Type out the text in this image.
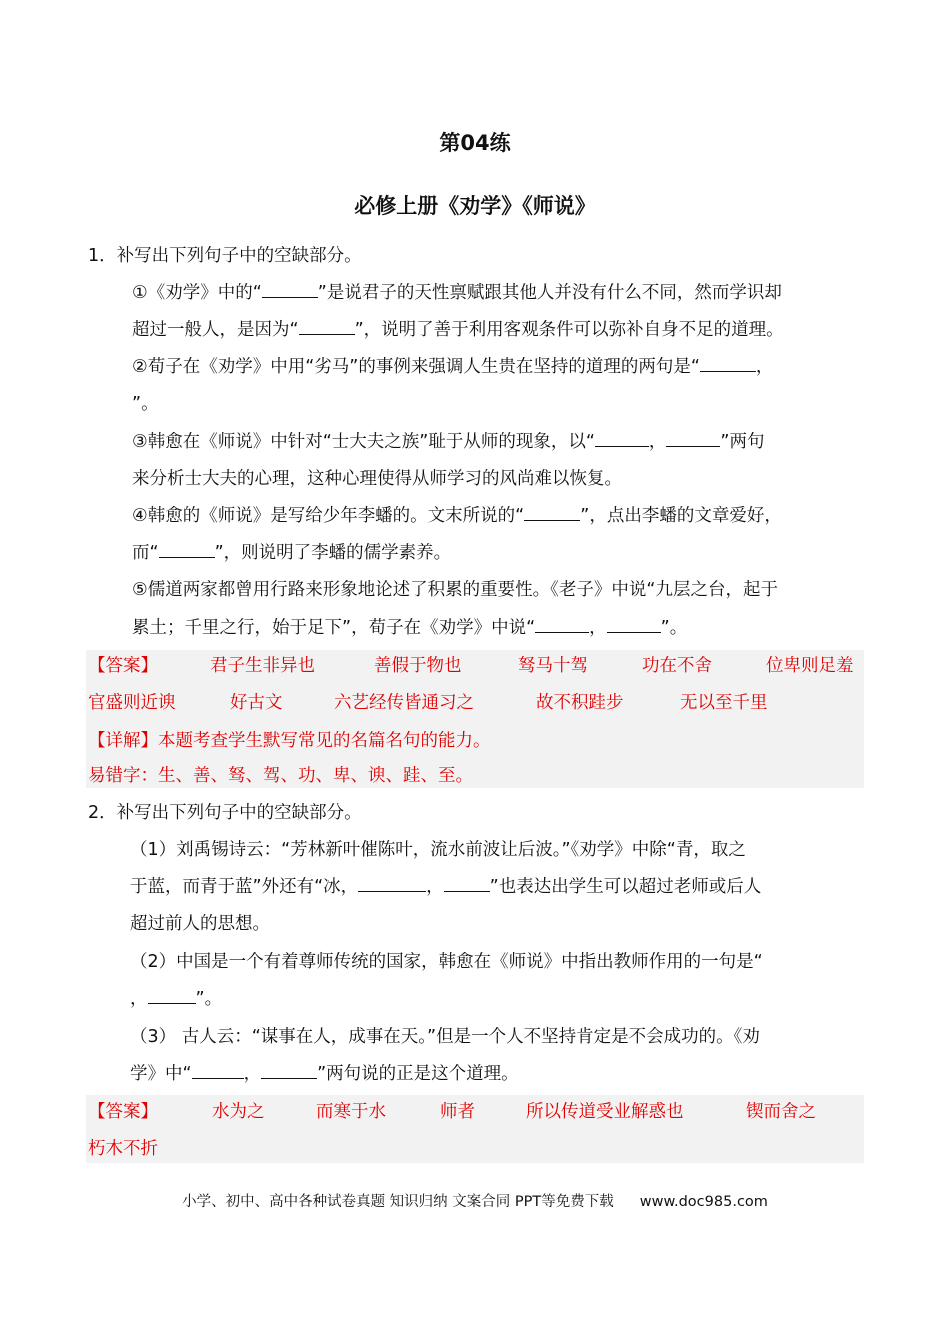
第04练
必修上册《劝学》《师说》
1．补写出下列句子中的空缺部分。
①《劝学》中的“	”是说君子的天性禀赋跟其他人并没有什么不同，然而学识却
超过一般人，是因为“	”，说明了善于利用客观条件可以弥补自身不足的道理。
②荀子在《劝学》中用“劣马”的事例来强调人生贵在坚持的道理的两句是“	，
”。
③韩愈在《师说》中针对“士大夫之族”耻于从师的现象，以“	，	”两句
来分析士大夫的心理，这种心理使得从师学习的风尚难以恢复。
④韩愈的《师说》是写给少年李蟠的。文末所说的“	”，点出李蟠的文章爱好，
而“	”，则说明了李蟠的儒学素养。
⑤儒道两家都曾用行路来形象地论述了积累的重要性。《老子》中说“九层之台，起于
累土；千里之行，始于足下”，荀子在《劝学》中说“	，	”。
【答案】	君子生非异也	善假于物也	驽马十驾	功在不舍	位卑则足羞
官盛则近谀	好古文	六艺经传皆通习之	故不积跬步	无以至千里
【详解】本题考查学生默写常见的名篇名句的能力。
易错字：生、善、驽、驾、功、卑、谀、跬、至。
2．补写出下列句子中的空缺部分。
（1）刘禹锡诗云：“芳林新叶催陈叶，流水前波让后波。”《劝学》中除“青，取之
于蓝，而青于蓝”外还有“冰，	，	”也表达出学生可以超过老师或后人
超过前人的思想。
（2）中国是一个有着尊师传统的国家，韩愈在《师说》中指出教师作用的一句是“
，	”。
（3） 古人云：“谋事在人，成事在天。”但是一个人不坚持肯定是不会成功的。《劝
学》中“	，	”两句说的正是这个道理。
【答案】	水为之	而寒于水	师者	所以传道受业解惑也	锲而舍之
朽木不折
小学、初中、高中各种试卷真题 知识归纳 文案合同 PPT等免费下载 www.doc985.com
